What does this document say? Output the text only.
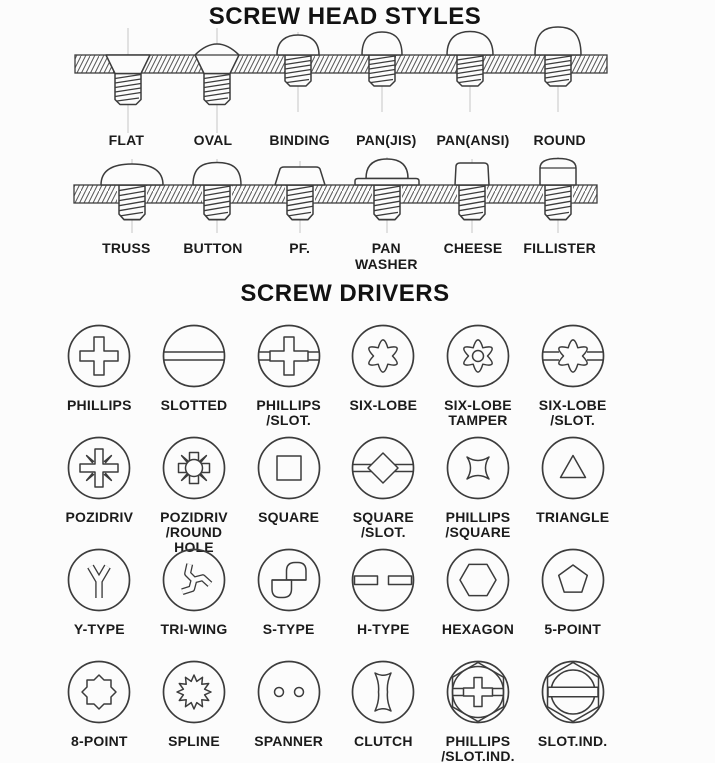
SCREW HEAD STYLES
FLAT	OVAL	BINDING	PAN(JIS)	PAN(ANSI)	ROUND
TRUSS	BUTTON	PF.	PAN
WASHER
CHEESE	FILLISTER
SCREW DRIVERS
PHILLIPS SLOTTED PHILLIPS
/SLOT.
SIX-LOBE SIX-LOBE
TAMPER
SIX-LOBE
/SLOT.
POZIDRIV	POZIDRIV
/ROUND HOLE
SQUARE SQUARE
/SLOT.
PHILLIPS
/SQUARE
TRIANGLE
Y-TYPE	TRI-WING	S-TYPE	H-TYPE HEXAGON 5-POINT
8-POINT	SPLINE SPANNER CLUTCH	PHILLIPS
/SLOT.IND.
SLOT.IND.
